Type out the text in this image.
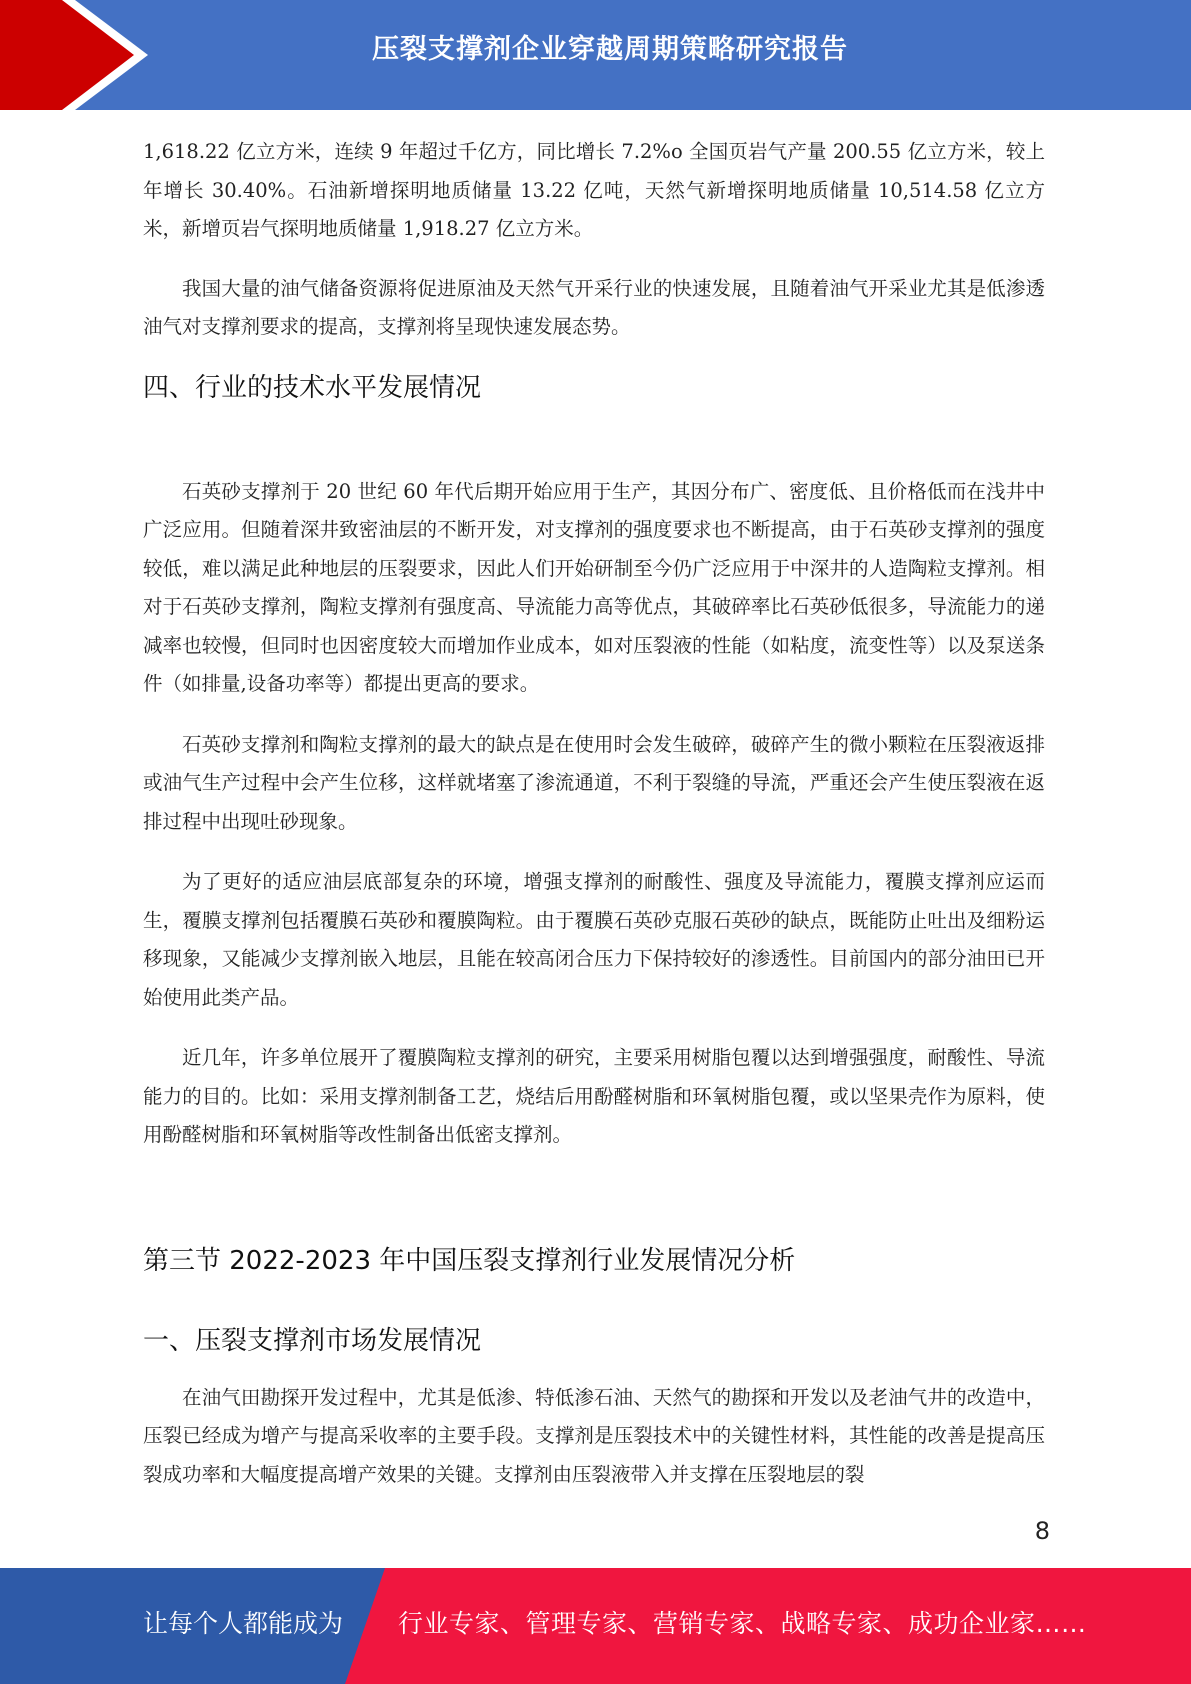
压裂支撑剂企业穿越周期策略研究报告

1,618.22 亿立方米，连续 9 年超过千亿方，同比增长 7.2%o 全国页岩气产量 200.55 亿立方米，较上年增长 30.40%。石油新增探明地质储量 13.22 亿吨，天然气新增探明地质储量 10,514.58 亿立方米，新增页岩气探明地质储量 1,918.27 亿立方米。

我国大量的油气储备资源将促进原油及天然气开采行业的快速发展，且随着油气开采业尤其是低渗透油气对支撑剂要求的提高，支撑剂将呈现快速发展态势。

四、行业的技术水平发展情况

石英砂支撑剂于 20 世纪 60 年代后期开始应用于生产，其因分布广、密度低、且价格低而在浅井中广泛应用。但随着深井致密油层的不断开发，对支撑剂的强度要求也不断提高，由于石英砂支撑剂的强度较低，难以满足此种地层的压裂要求，因此人们开始研制至今仍广泛应用于中深井的人造陶粒支撑剂。相对于石英砂支撑剂，陶粒支撑剂有强度高、导流能力高等优点，其破碎率比石英砂低很多，导流能力的递减率也较慢，但同时也因密度较大而增加作业成本，如对压裂液的性能（如粘度，流变性等）以及泵送条件（如排量,设备功率等）都提出更高的要求。

石英砂支撑剂和陶粒支撑剂的最大的缺点是在使用时会发生破碎，破碎产生的微小颗粒在压裂液返排或油气生产过程中会产生位移，这样就堵塞了渗流通道，不利于裂缝的导流，严重还会产生使压裂液在返排过程中出现吐砂现象。

为了更好的适应油层底部复杂的环境，增强支撑剂的耐酸性、强度及导流能力，覆膜支撑剂应运而生，覆膜支撑剂包括覆膜石英砂和覆膜陶粒。由于覆膜石英砂克服石英砂的缺点，既能防止吐出及细粉运移现象，又能减少支撑剂嵌入地层，且能在较高闭合压力下保持较好的渗透性。目前国内的部分油田已开始使用此类产品。

近几年，许多单位展开了覆膜陶粒支撑剂的研究，主要采用树脂包覆以达到增强强度，耐酸性、导流能力的目的。比如：采用支撑剂制备工艺，烧结后用酚醛树脂和环氧树脂包覆，或以坚果壳作为原料，使用酚醛树脂和环氧树脂等改性制备出低密支撑剂。

第三节 2022-2023 年中国压裂支撑剂行业发展情况分析
一、压裂支撑剂市场发展情况

在油气田勘探开发过程中，尤其是低渗、特低渗石油、天然气的勘探和开发以及老油气井的改造中，压裂已经成为增产与提高采收率的主要手段。支撑剂是压裂技术中的关键性材料，其性能的改善是提高压裂成功率和大幅度提高增产效果的关键。支撑剂由压裂液带入并支撑在压裂地层的裂

8
让每个人都能成为 行业专家、管理专家、营销专家、战略专家、成功企业家……
